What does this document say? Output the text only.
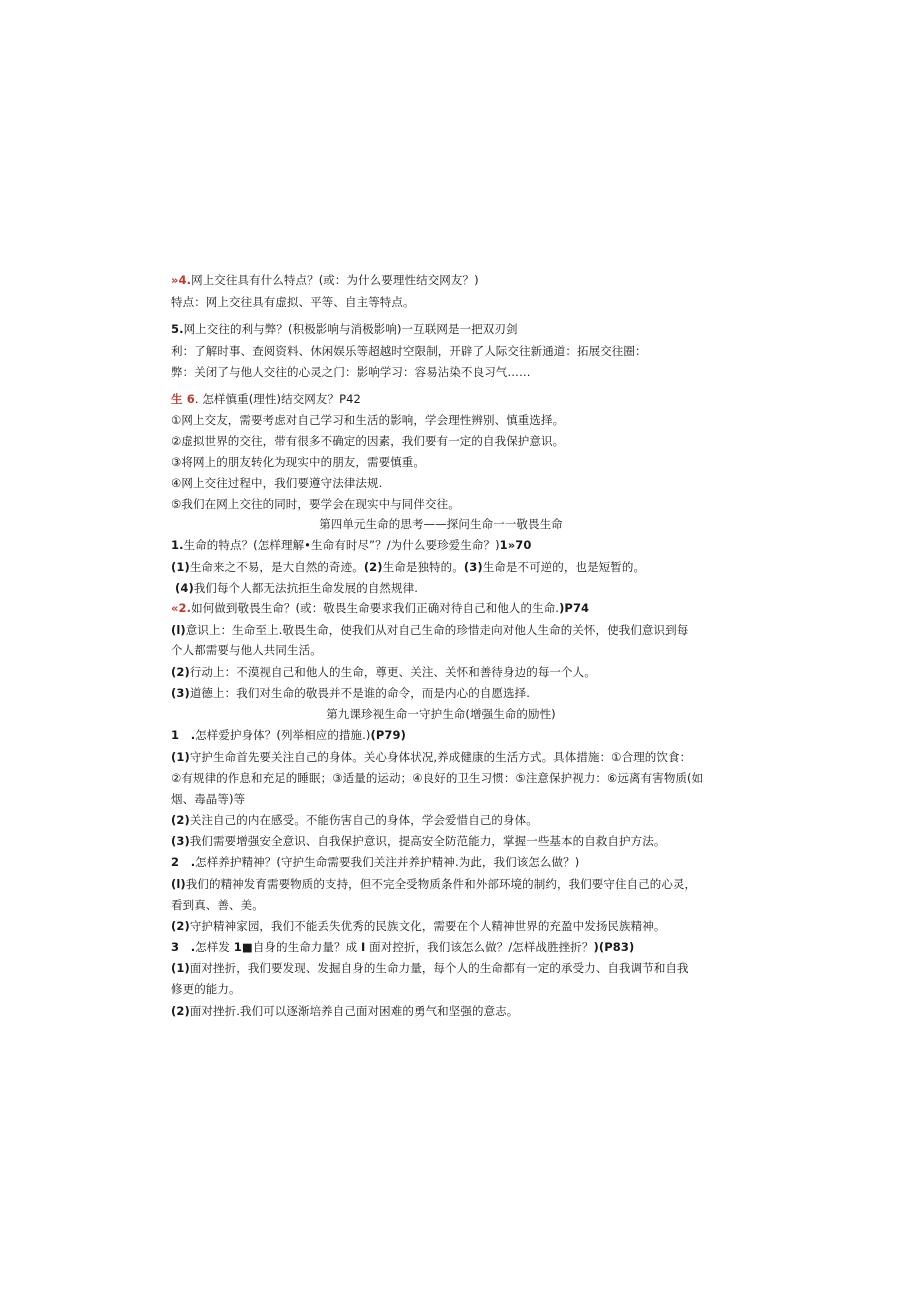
»4.网上交往具有什么特点？(或：为什么要理性结交网友？)
特点：网上交往具有虚拟、平等、自主等特点。
5.网上交往的利与弊？(积极影响与消极影响)一互联网是一把双刃剑
利：了解时事、查阅资料、休闲娱乐等超越时空限制，开辟了人际交往新通道：拓展交往圈：
弊：关闭了与他人交往的心灵之门：影响学习：容易沾染不良习气……
生 6. 怎样慎重(理性)结交网友？P42
①网上交友，需要考虑对自己学习和生活的影响，学会理性辨别、慎重选择。
②虚拟世界的交往，带有很多不确定的因素，我们要有一定的自我保护意识。
③将网上的朋友转化为现实中的朋友，需要慎重。
④网上交往过程中，我们要遵守法律法规.
⑤我们在网上交往的同时，要学会在现实中与同伴交往。
第四单元生命的思考——探问生命一一敬畏生命
1.生命的特点？(怎样理解•生命有时尽”？/为什么要珍爱生命？)1»70
(1)生命来之不易，是大自然的奇迹。(2)生命是独特的。(3)生命是不可逆的，也是短暂的。
(4)我们每个人都无法抗拒生命发展的自然规律.
«2.如何做到敬畏生命？(或：敬畏生命要求我们正确对待自己和他人的生命.)P74
(l)意识上：生命至上.敬畏生命，使我们从对自己生命的珍惜走向对他人生命的关怀，使我们意识到每
个人都需要与他人共同生活。
(2)行动上：不漠视自己和他人的生命，尊更、关注、关怀和善待身边的每一个人。
(3)道德上：我们对生命的敬畏并不是谁的命令，而是内心的自愿选择.
第九课珍视生命一守护生命(增强生命的励性)
1　.怎样爱护身体？(列举相应的措施.)(P79)
(1)守护生命首先要关注自己的身体。关心身体状况,养成健康的生活方式。具体措施：①合理的饮食：
②有规律的作息和充足的睡眠；③适量的运动；④良好的卫生习惯：⑤注意保护视力：⑥远离有害物质(如
烟、毒晶等)等
(2)关注自己的内在感受。不能伤害自己的身体，学会爱惜自己的身体。
(3)我们需要增强安全意识、自我保护意识，提高安全防范能力，掌握一些基本的自救自护方法。
2　.怎样养护精神？(守护生命需要我们关注并养护精神.为此，我们该怎么做？)
(l)我们的精神发育需要物质的支持，但不完全受物质条件和外部环境的制约，我们要守住自己的心灵，
看到真、善、美。
(2)守护精神家园，我们不能丢失优秀的民族文化，需要在个人精神世界的充盈中发扬民族精神。
3　.怎样发 1■自身的生命力量？成 I 面对控折，我们该怎么做？/怎样战胜挫折？)(P83)
(1)面对挫折，我们要发现、发掘自身的生命力量，每个人的生命都有一定的承受力、自我调节和自我
修更的能力。
(2)面对挫折.我们可以逐渐培养自己面对困难的勇气和坚强的意志。
